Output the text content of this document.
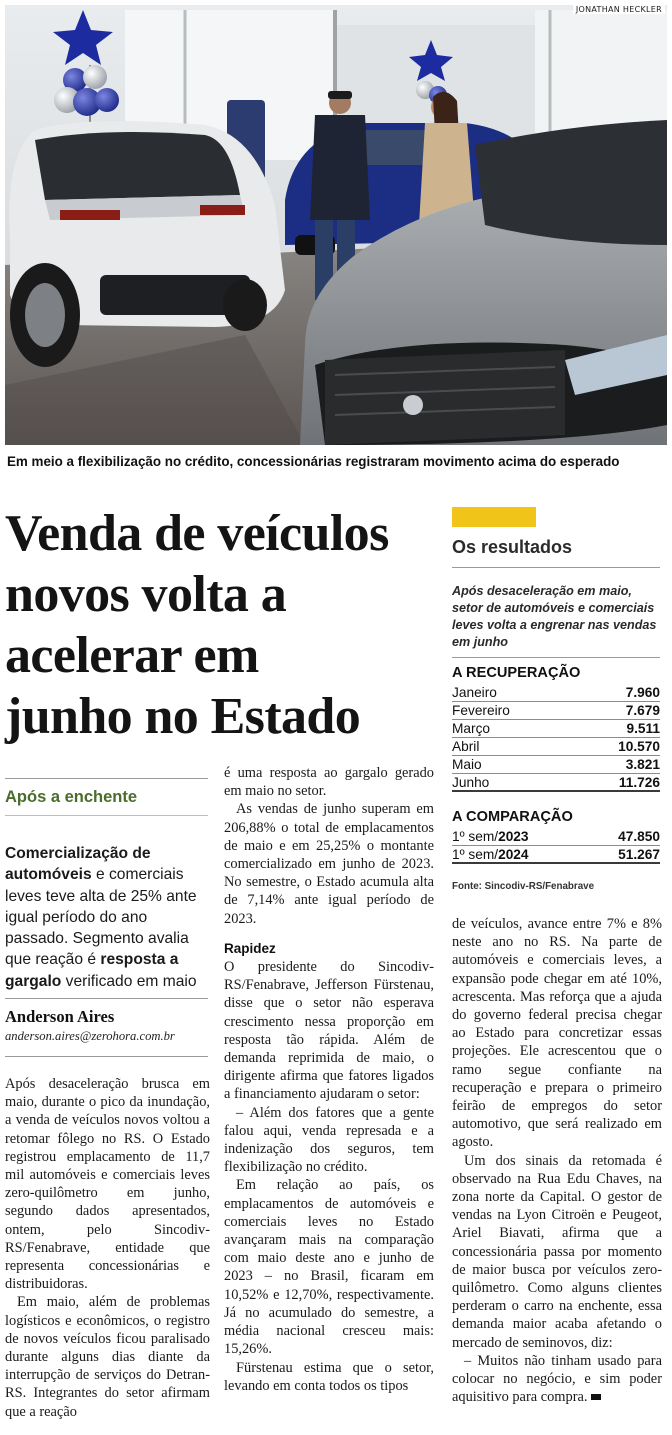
JONATHAN HECKLER
Em meio a flexibilização no crédito, concessionárias registraram movimento acima do esperado
Venda de veículos
novos volta a
acelerar em
junho no Estado
Após a enchente

Comercialização de automóveis e comerciais leves teve alta de 25% ante igual período do ano passado. Segmento avalia que reação é resposta a gargalo verificado em maio

Anderson Aires
anderson.aires@zerohora.com.br

Após desaceleração brusca em maio, durante o pico da inundação, a venda de veículos novos voltou a retomar fôlego no RS. O Estado registrou emplacamento de 11,7 mil automóveis e comerciais leves zero-quilômetro em junho, segundo dados apresentados, ontem, pelo Sincodiv-RS/Fenabrave, entidade que representa concessionárias e distribuidoras.

Em maio, além de problemas logísticos e econômicos, o registro de novos veículos ficou paralisado durante alguns dias diante da interrupção de serviços do Detran-RS. Integrantes do setor afirmam que a reação

é uma resposta ao gargalo gerado em maio no setor.

As vendas de junho superam em 206,88% o total de emplacamentos de maio e em 25,25% o montante comercializado em junho de 2023. No semestre, o Estado acumula alta de 7,14% ante igual período de 2023.

Rapidez

O presidente do Sincodiv-RS/Fenabrave, Jefferson Fürstenau, disse que o setor não esperava crescimento nessa proporção em resposta tão rápida. Além de demanda reprimida de maio, o dirigente afirma que fatores ligados a financiamento ajudaram o setor:

– Além dos fatores que a gente falou aqui, venda represada e a indenização dos seguros, tem flexibilização no crédito.

Em relação ao país, os emplacamentos de automóveis e comerciais leves no Estado avançaram mais na comparação com maio deste ano e junho de 2023 – no Brasil, ficaram em 10,52% e 12,70%, respectivamente. Já no acumulado do semestre, a média nacional cresceu mais: 15,26%.

Fürstenau estima que o setor, levando em conta todos os tipos

de veículos, avance entre 7% e 8% neste ano no RS. Na parte de automóveis e comerciais leves, a expansão pode chegar em até 10%, acrescenta. Mas reforça que a ajuda do governo federal precisa chegar ao Estado para concretizar essas projeções. Ele acrescentou que o ramo segue confiante na recuperação e prepara o primeiro feirão de empregos do setor automotivo, que será realizado em agosto.

Um dos sinais da retomada é observado na Rua Edu Chaves, na zona norte da Capital. O gestor de vendas na Lyon Citroën e Peugeot, Ariel Biavati, afirma que a concessionária passa por momento de maior busca por veículos zero-quilômetro. Como alguns clientes perderam o carro na enchente, essa demanda maior acaba afetando o mercado de seminovos, diz:

– Muitos não tinham usado para colocar no negócio, e sim poder aquisitivo para compra.

Os resultados
Após desaceleração em maio, setor de automóveis e comerciais leves volta a engrenar nas vendas em junho
A RECUPERAÇÃO
Janeiro	7.960
Fevereiro	7.679
Março	9.511
Abril	10.570
Maio	3.821
Junho	11.726
A COMPARAÇÃO
1º sem/2023	47.850
1º sem/2024	51.267
Fonte: Sincodiv-RS/Fenabrave
